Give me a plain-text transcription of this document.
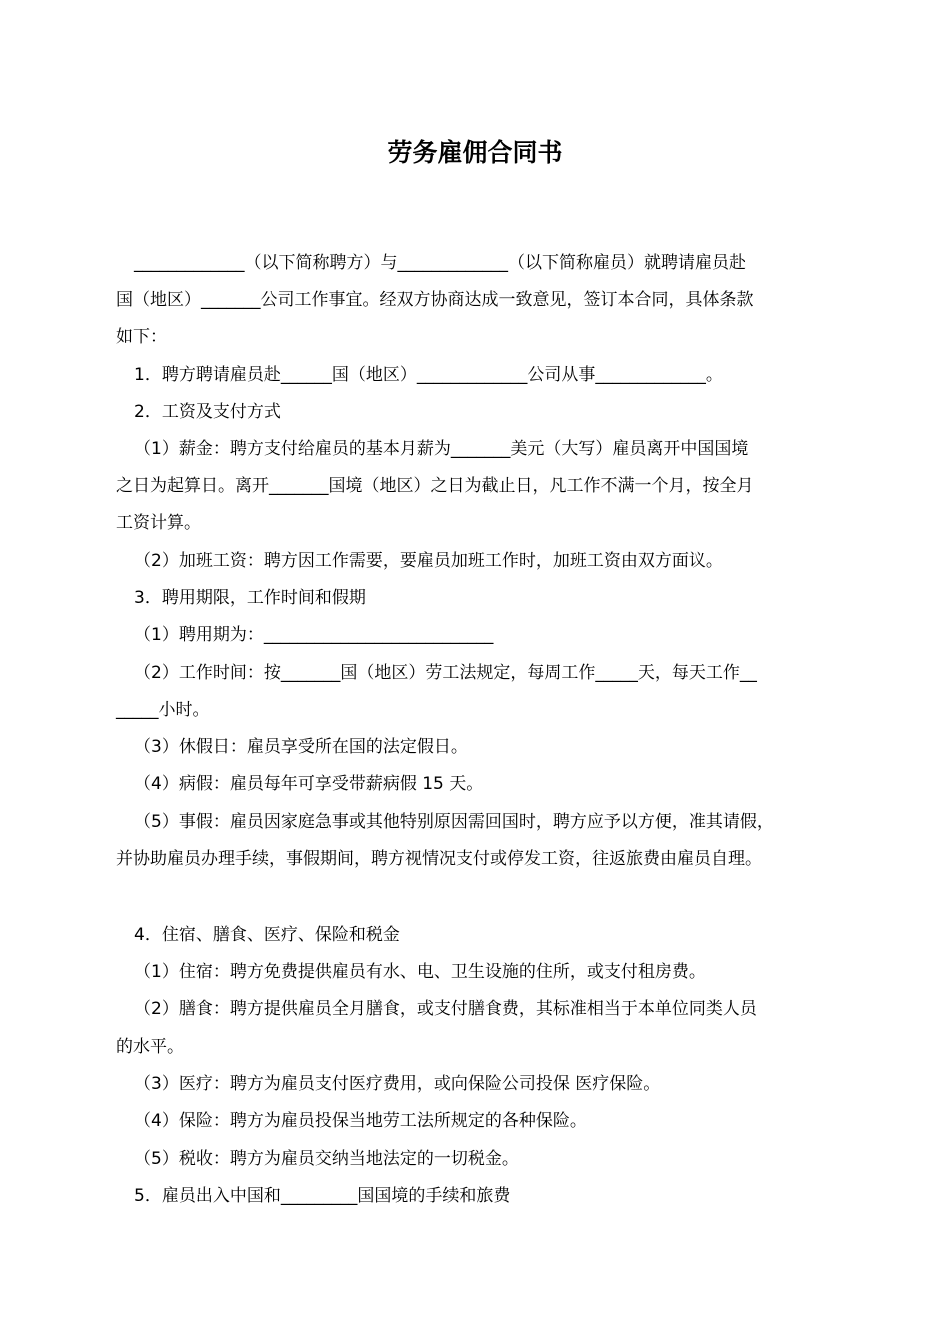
劳务雇佣合同书

_____________（以下简称聘方）与_____________（以下简称雇员）就聘请雇员赴

国（地区）_______公司工作事宜。经双方协商达成一致意见，签订本合同，具体条款

如下：

1．聘方聘请雇员赴______国（地区）_____________公司从事_____________。

2．工资及支付方式

（1）薪金：聘方支付给雇员的基本月薪为_______美元（大写）雇员离开中国国境

之日为起算日。离开_______国境（地区）之日为截止日，凡工作不满一个月，按全月

工资计算。

（2）加班工资：聘方因工作需要，要雇员加班工作时，加班工资由双方面议。

3．聘用期限，工作时间和假期

（1）聘用期为：___________________________

（2）工作时间：按_______国（地区）劳工法规定，每周工作_____天，每天工作__

_____小时。

（3）休假日：雇员享受所在国的法定假日。

（4）病假：雇员每年可享受带薪病假 15 天。

（5）事假：雇员因家庭急事或其他特别原因需回国时，聘方应予以方便，准其请假，

并协助雇员办理手续，事假期间，聘方视情况支付或停发工资，往返旅费由雇员自理。

4．住宿、膳食、医疗、保险和税金

（1）住宿：聘方免费提供雇员有水、电、卫生设施的住所，或支付租房费。

（2）膳食：聘方提供雇员全月膳食，或支付膳食费，其标准相当于本单位同类人员

的水平。

（3）医疗：聘方为雇员支付医疗费用，或向保险公司投保 医疗保险。

（4）保险：聘方为雇员投保当地劳工法所规定的各种保险。

（5）税收：聘方为雇员交纳当地法定的一切税金。

5．雇员出入中国和_________国国境的手续和旅费
